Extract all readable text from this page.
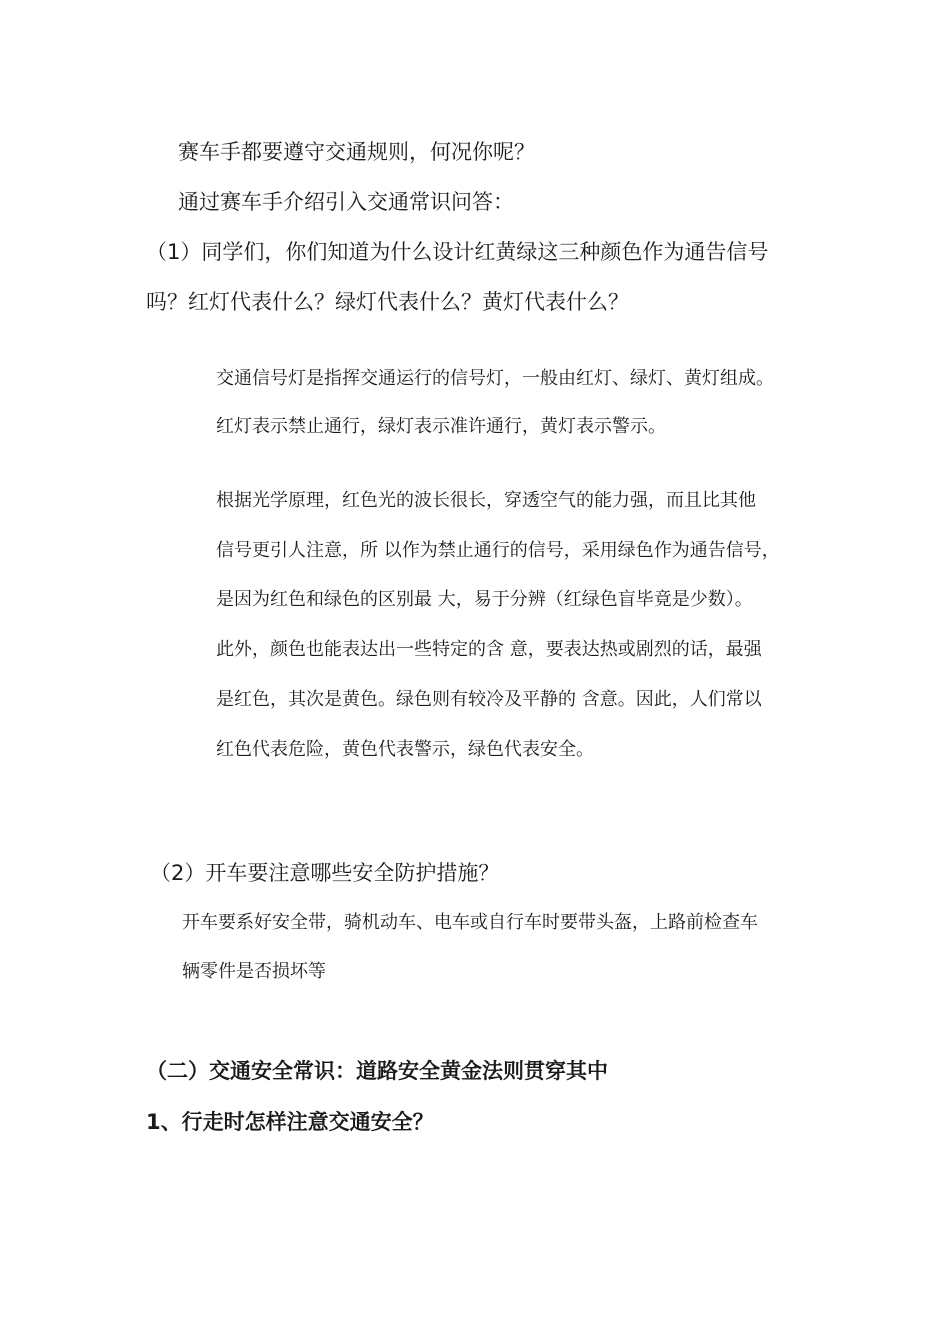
赛车手都要遵守交通规则，何况你呢？

通过赛车手介绍引入交通常识问答：

（1）同学们，你们知道为什么设计红黄绿这三种颜色作为通告信号

吗？红灯代表什么？绿灯代表什么？黄灯代表什么？

交通信号灯是指挥交通运行的信号灯，一般由红灯、绿灯、黄灯组成。

红灯表示禁止通行，绿灯表示准许通行，黄灯表示警示。

根据光学原理，红色光的波长很长，穿透空气的能力强，而且比其他

信号更引人注意，所 以作为禁止通行的信号，采用绿色作为通告信号，

是因为红色和绿色的区别最 大，易于分辨（红绿色盲毕竟是少数）。

此外，颜色也能表达出一些特定的含 意，要表达热或剧烈的话，最强

是红色，其次是黄色。绿色则有较冷及平静的 含意。因此，人们常以

红色代表危险，黄色代表警示，绿色代表安全。

（2）开车要注意哪些安全防护措施？

开车要系好安全带，骑机动车、电车或自行车时要带头盔，上路前检查车

辆零件是否损坏等

（二）交通安全常识：道路安全黄金法则贯穿其中

1、行走时怎样注意交通安全？
